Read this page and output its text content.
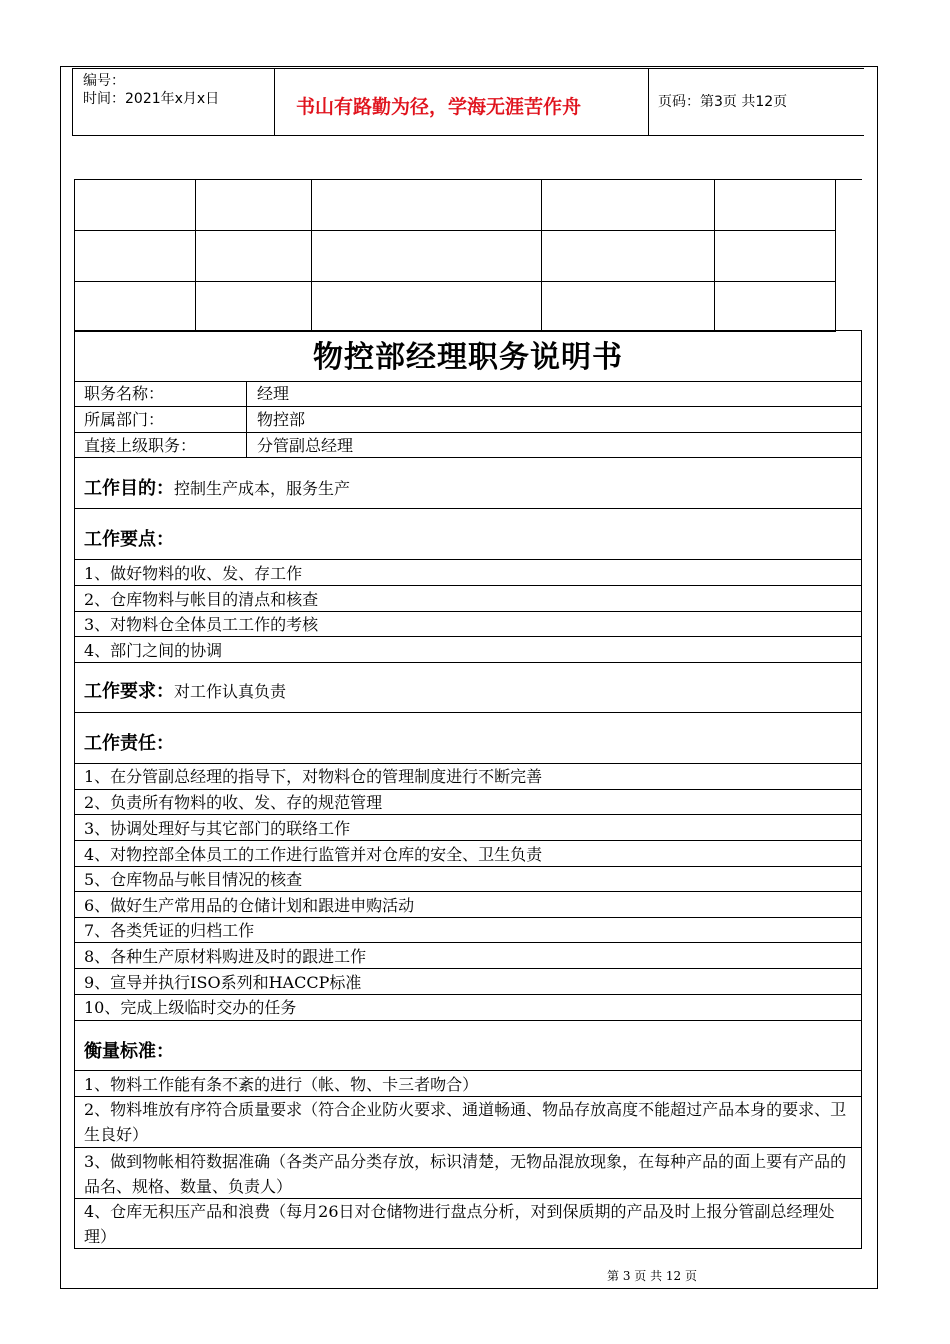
编号：
时间：2021年x月x日	书山有路勤为径，学海无涯苦作舟	页码：第3页 共12页

物控部经理职务说明书
职务名称：	经理
所属部门：	物控部
直接上级职务：	分管副总经理
工作目的：控制生产成本，服务生产
工作要点：
1、做好物料的收、发、存工作
2、仓库物料与帐目的清点和核查
3、对物料仓全体员工工作的考核
4、部门之间的协调
工作要求：对工作认真负责
工作责任：
1、在分管副总经理的指导下，对物料仓的管理制度进行不断完善
2、负责所有物料的收、发、存的规范管理
3、协调处理好与其它部门的联络工作
4、对物控部全体员工的工作进行监管并对仓库的安全、卫生负责
5、仓库物品与帐目情况的核查
6、做好生产常用品的仓储计划和跟进申购活动
7、各类凭证的归档工作
8、各种生产原材料购进及时的跟进工作
9、宣导并执行ISO系列和HACCP标准
10、完成上级临时交办的任务
衡量标准：
1、物料工作能有条不紊的进行（帐、物、卡三者吻合）
2、物料堆放有序符合质量要求（符合企业防火要求、通道畅通、物品存放高度不能超过产品本身的要求、卫生良好）
3、做到物帐相符数据准确（各类产品分类存放，标识清楚，无物品混放现象，在每种产品的面上要有产品的品名、规格、数量、负责人）
4、仓库无积压产品和浪费（每月26日对仓储物进行盘点分析，对到保质期的产品及时上报分管副总经理处理）
第 3 页 共 12 页
